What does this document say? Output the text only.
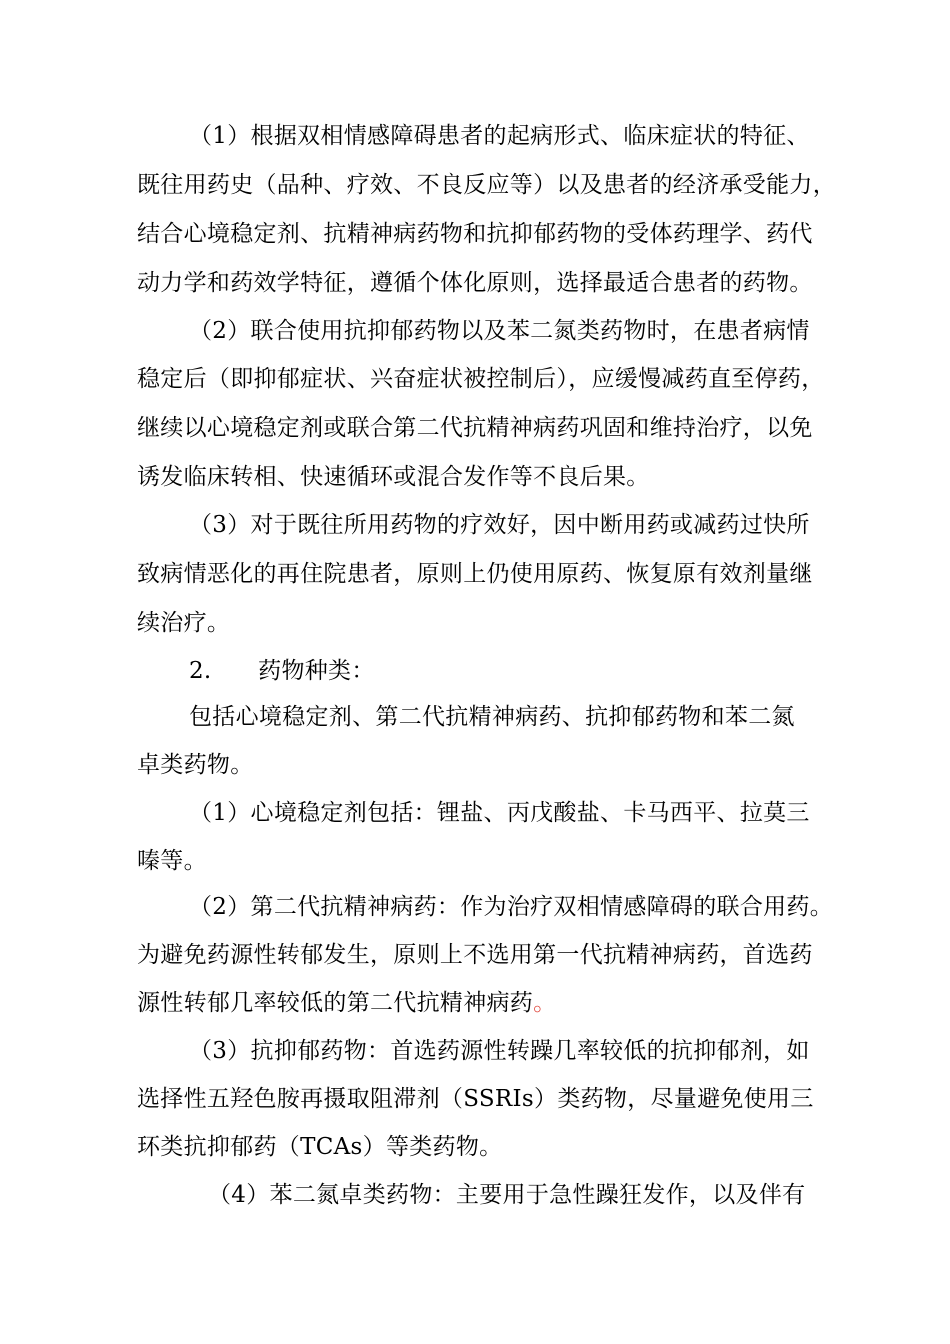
（1）根据双相情感障碍患者的起病形式、临床症状的特征、
既往用药史（品种、疗效、不良反应等）以及患者的经济承受能力，
结合心境稳定剂、抗精神病药物和抗抑郁药物的受体药理学、药代
动力学和药效学特征，遵循个体化原则，选择最适合患者的药物。
（2）联合使用抗抑郁药物以及苯二氮类药物时，在患者病情
稳定后（即抑郁症状、兴奋症状被控制后），应缓慢减药直至停药，
继续以心境稳定剂或联合第二代抗精神病药巩固和维持治疗，以免
诱发临床转相、快速循环或混合发作等不良后果。
（3）对于既往所用药物的疗效好，因中断用药或减药过快所
致病情恶化的再住院患者，原则上仍使用原药、恢复原有效剂量继
续治疗。
2.　　药物种类：
包括心境稳定剂、第二代抗精神病药、抗抑郁药物和苯二氮
卓类药物。
（1）心境稳定剂包括：锂盐、丙戊酸盐、卡马西平、拉莫三
嗪等。
（2）第二代抗精神病药：作为治疗双相情感障碍的联合用药。
为避免药源性转郁发生，原则上不选用第一代抗精神病药，首选药
源性转郁几率较低的第二代抗精神病药。
（3）抗抑郁药物：首选药源性转躁几率较低的抗抑郁剂，如
选择性五羟色胺再摄取阻滞剂（SSRIs）类药物，尽量避免使用三
环类抗抑郁药（TCAs）等类药物。
（4）苯二氮卓类药物：主要用于急性躁狂发作，以及伴有
